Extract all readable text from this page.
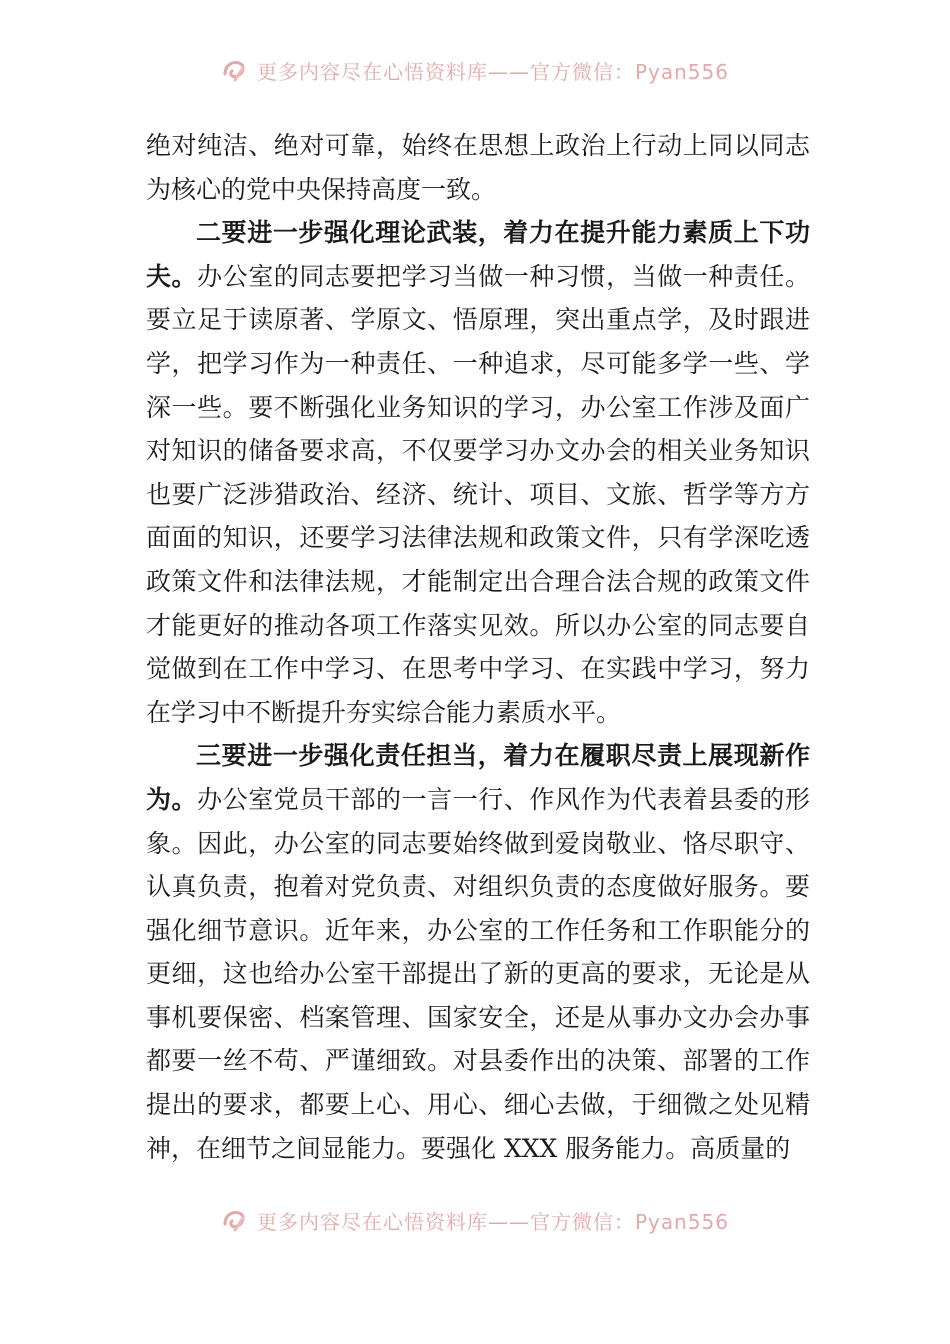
更多内容尽在心悟资料库——官方微信：Pyan556

绝对纯洁、绝对可靠，始终在思想上政治上行动上同以同志为核心的党中央保持高度一致。

二要进一步强化理论武装，着力在提升能力素质上下功夫。办公室的同志要把学习当做一种习惯，当做一种责任。要立足于读原著、学原文、悟原理，突出重点学，及时跟进学，把学习作为一种责任、一种追求，尽可能多学一些、学深一些。要不断强化业务知识的学习，办公室工作涉及面广对知识的储备要求高，不仅要学习办文办会的相关业务知识也要广泛涉猎政治、经济、统计、项目、文旅、哲学等方方面面的知识，还要学习法律法规和政策文件，只有学深吃透政策文件和法律法规，才能制定出合理合法合规的政策文件才能更好的推动各项工作落实见效。所以办公室的同志要自觉做到在工作中学习、在思考中学习、在实践中学习，努力在学习中不断提升夯实综合能力素质水平。

三要进一步强化责任担当，着力在履职尽责上展现新作为。办公室党员干部的一言一行、作风作为代表着县委的形象。因此，办公室的同志要始终做到爱岗敬业、恪尽职守、认真负责，抱着对党负责、对组织负责的态度做好服务。要强化细节意识。近年来，办公室的工作任务和工作职能分的更细，这也给办公室干部提出了新的更高的要求，无论是从事机要保密、档案管理、国家安全，还是从事办文办会办事都要一丝不苟、严谨细致。对县委作出的决策、部署的工作提出的要求，都要上心、用心、细心去做，于细微之处见精神，在细节之间显能力。要强化 XXX 服务能力。高质量的

更多内容尽在心悟资料库——官方微信：Pyan556
